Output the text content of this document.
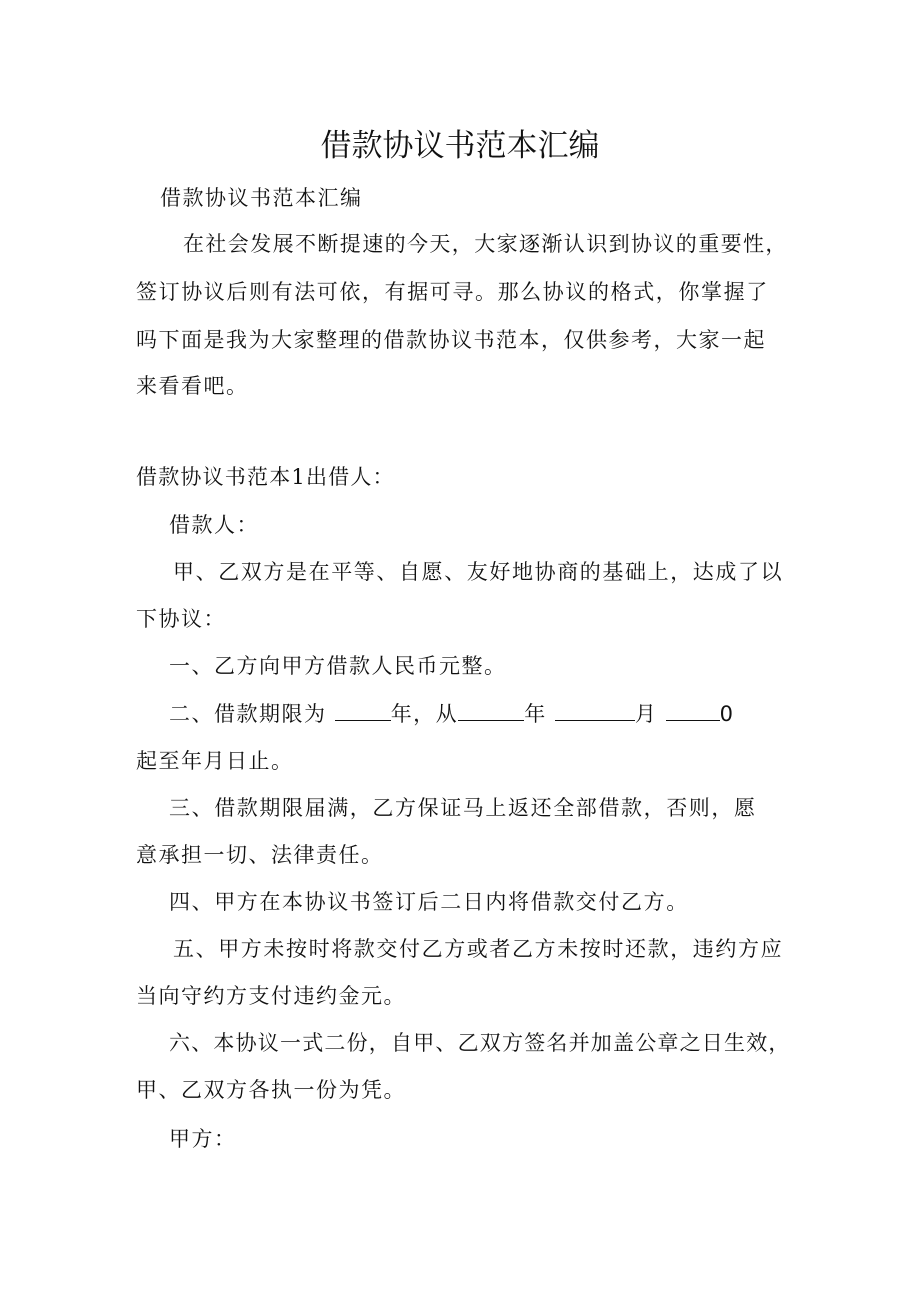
借款协议书范本汇编
借款协议书范本汇编
在社会发展不断提速的今天，大家逐渐认识到协议的重要性，
签订协议后则有法可依，有据可寻。那么协议的格式，你掌握了
吗下面是我为大家整理的借款协议书范本，仅供参考，大家一起
来看看吧。
借款协议书范本1出借人：
借款人：
甲、乙双方是在平等、自愿、友好地协商的基础上，达成了以
下协议：
一、乙方向甲方借款人民币元整。
二、借款期限为	年，从	年	月	0
起至年月日止。
三、借款期限届满，乙方保证马上返还全部借款，否则，愿
意承担一切、法律责任。
四、甲方在本协议书签订后二日内将借款交付乙方。
五、甲方未按时将款交付乙方或者乙方未按时还款，违约方应
当向守约方支付违约金元。
六、本协议一式二份，自甲、乙双方签名并加盖公章之日生效，
甲、乙双方各执一份为凭。
甲方：
